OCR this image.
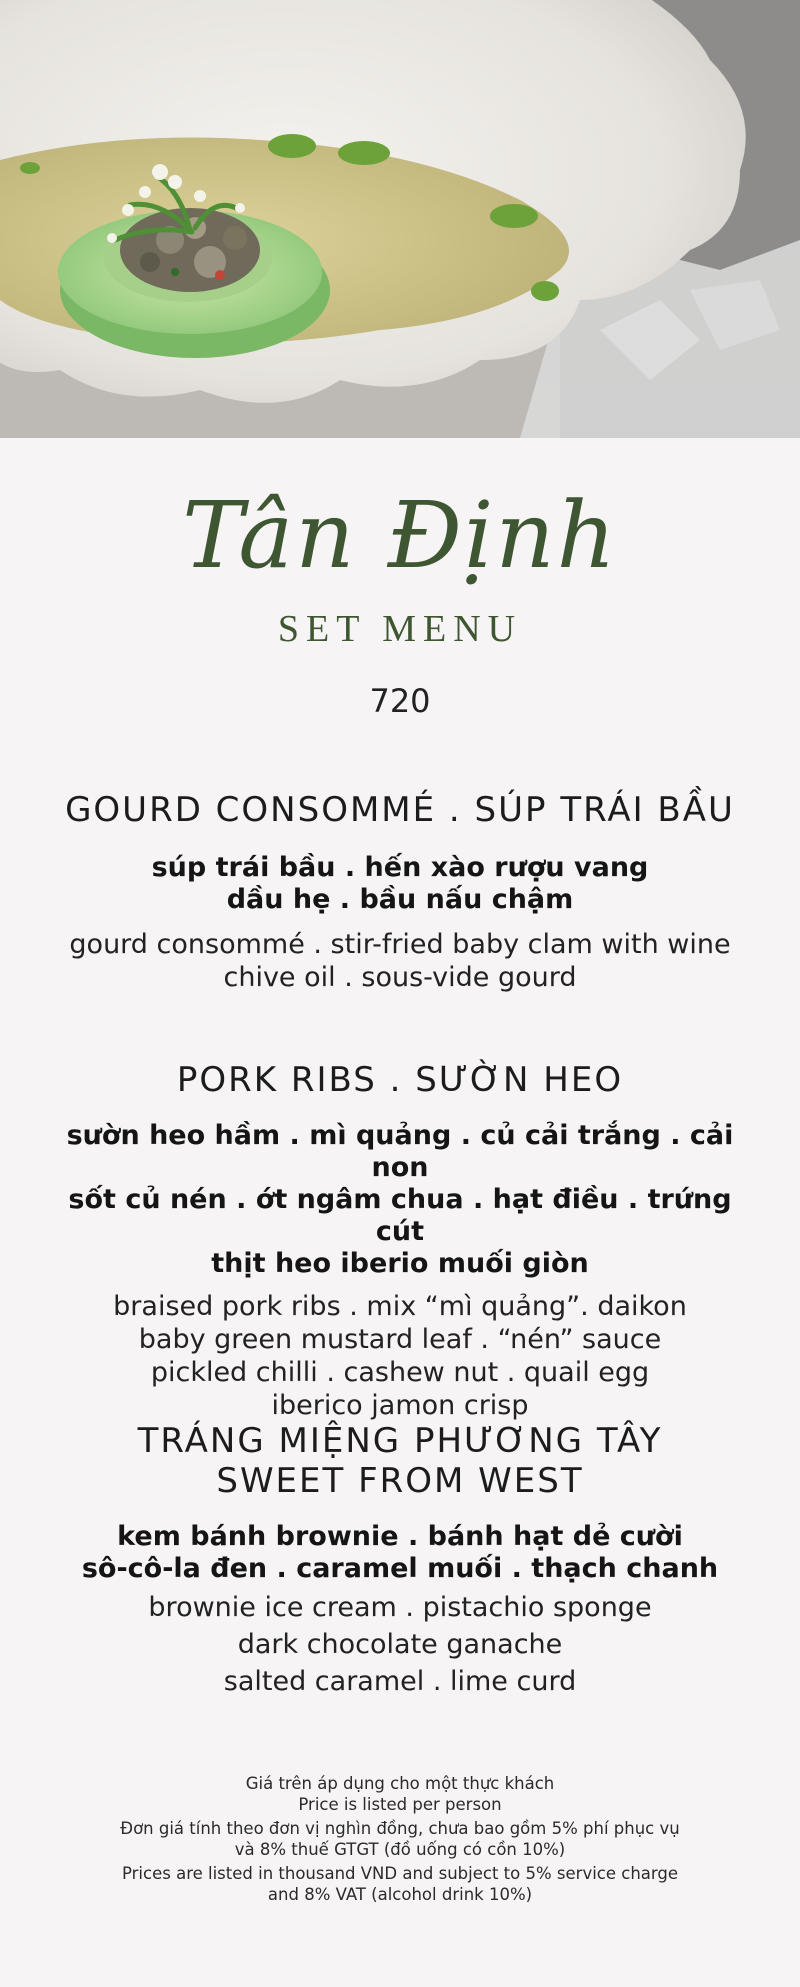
Tân Định
SET MENU
720
GOURD CONSOMMÉ . SÚP TRÁI BẦU
súp trái bầu . hến xào rượu vang
dầu hẹ . bầu nấu chậm
gourd consommé . stir-fried baby clam with wine
chive oil . sous-vide gourd
PORK RIBS . SƯỜN HEO
sườn heo hầm . mì quảng . củ cải trắng . cải non
sốt củ nén . ớt ngâm chua . hạt điều . trứng cút
thịt heo iberio muối giòn
braised pork ribs . mix “mì quảng”. daikon
baby green mustard leaf . “nén” sauce
pickled chilli . cashew nut . quail egg
iberico jamon crisp
TRÁNG MIỆNG PHƯƠNG TÂY
SWEET FROM WEST
kem bánh brownie . bánh hạt dẻ cười
sô-cô-la đen . caramel muối . thạch chanh
brownie ice cream . pistachio sponge
dark chocolate ganache
salted caramel . lime curd

Giá trên áp dụng cho một thực khách
Price is listed per person

Đơn giá tính theo đơn vị nghìn đồng, chưa bao gồm 5% phí phục vụ
và 8% thuế GTGT (đồ uống có cồn 10%)

Prices are listed in thousand VND and subject to 5% service charge
and 8% VAT (alcohol drink 10%)
